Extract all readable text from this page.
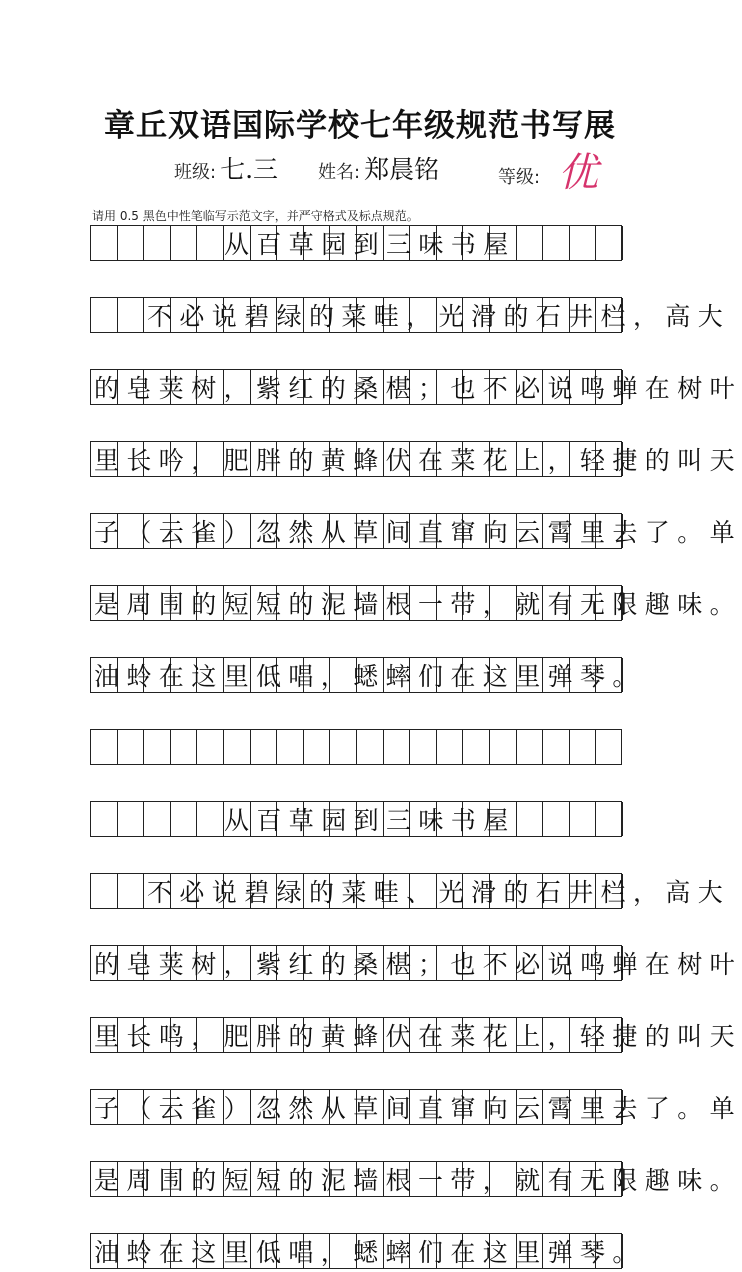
章丘双语国际学校七年级规范书写展
班级: 七.三 姓名: 郑晨铭	等级: 优
请用 0.5 黑色中性笔临写示范文字，并严守格式及标点规范。
从百草园到三味书屋
不必说碧绿的菜畦，光滑的石井栏，高大
的皂荚树，紫红的桑椹；也不必说鸣蝉在树叶
里长吟，肥胖的黄蜂伏在菜花上，轻捷的叫天
子（云雀）忽然从草间直窜向云霄里去了。单
是周围的短短的泥墙根一带，就有无限趣味。
油蛉在这里低唱，蟋蟀们在这里弹琴。
从百草园到三味书屋
不必说碧绿的菜畦、光滑的石井栏，高大
的皂荚树，紫红的桑椹；也不必说鸣蝉在树叶
里长鸣，肥胖的黄蜂伏在菜花上，轻捷的叫天
子（云雀）忽然从草间直窜向云霄里去了。单
是周围的短短的泥墙根一带，就有无限趣味。
油蛉在这里低唱，蟋蟀们在这里弹琴。
